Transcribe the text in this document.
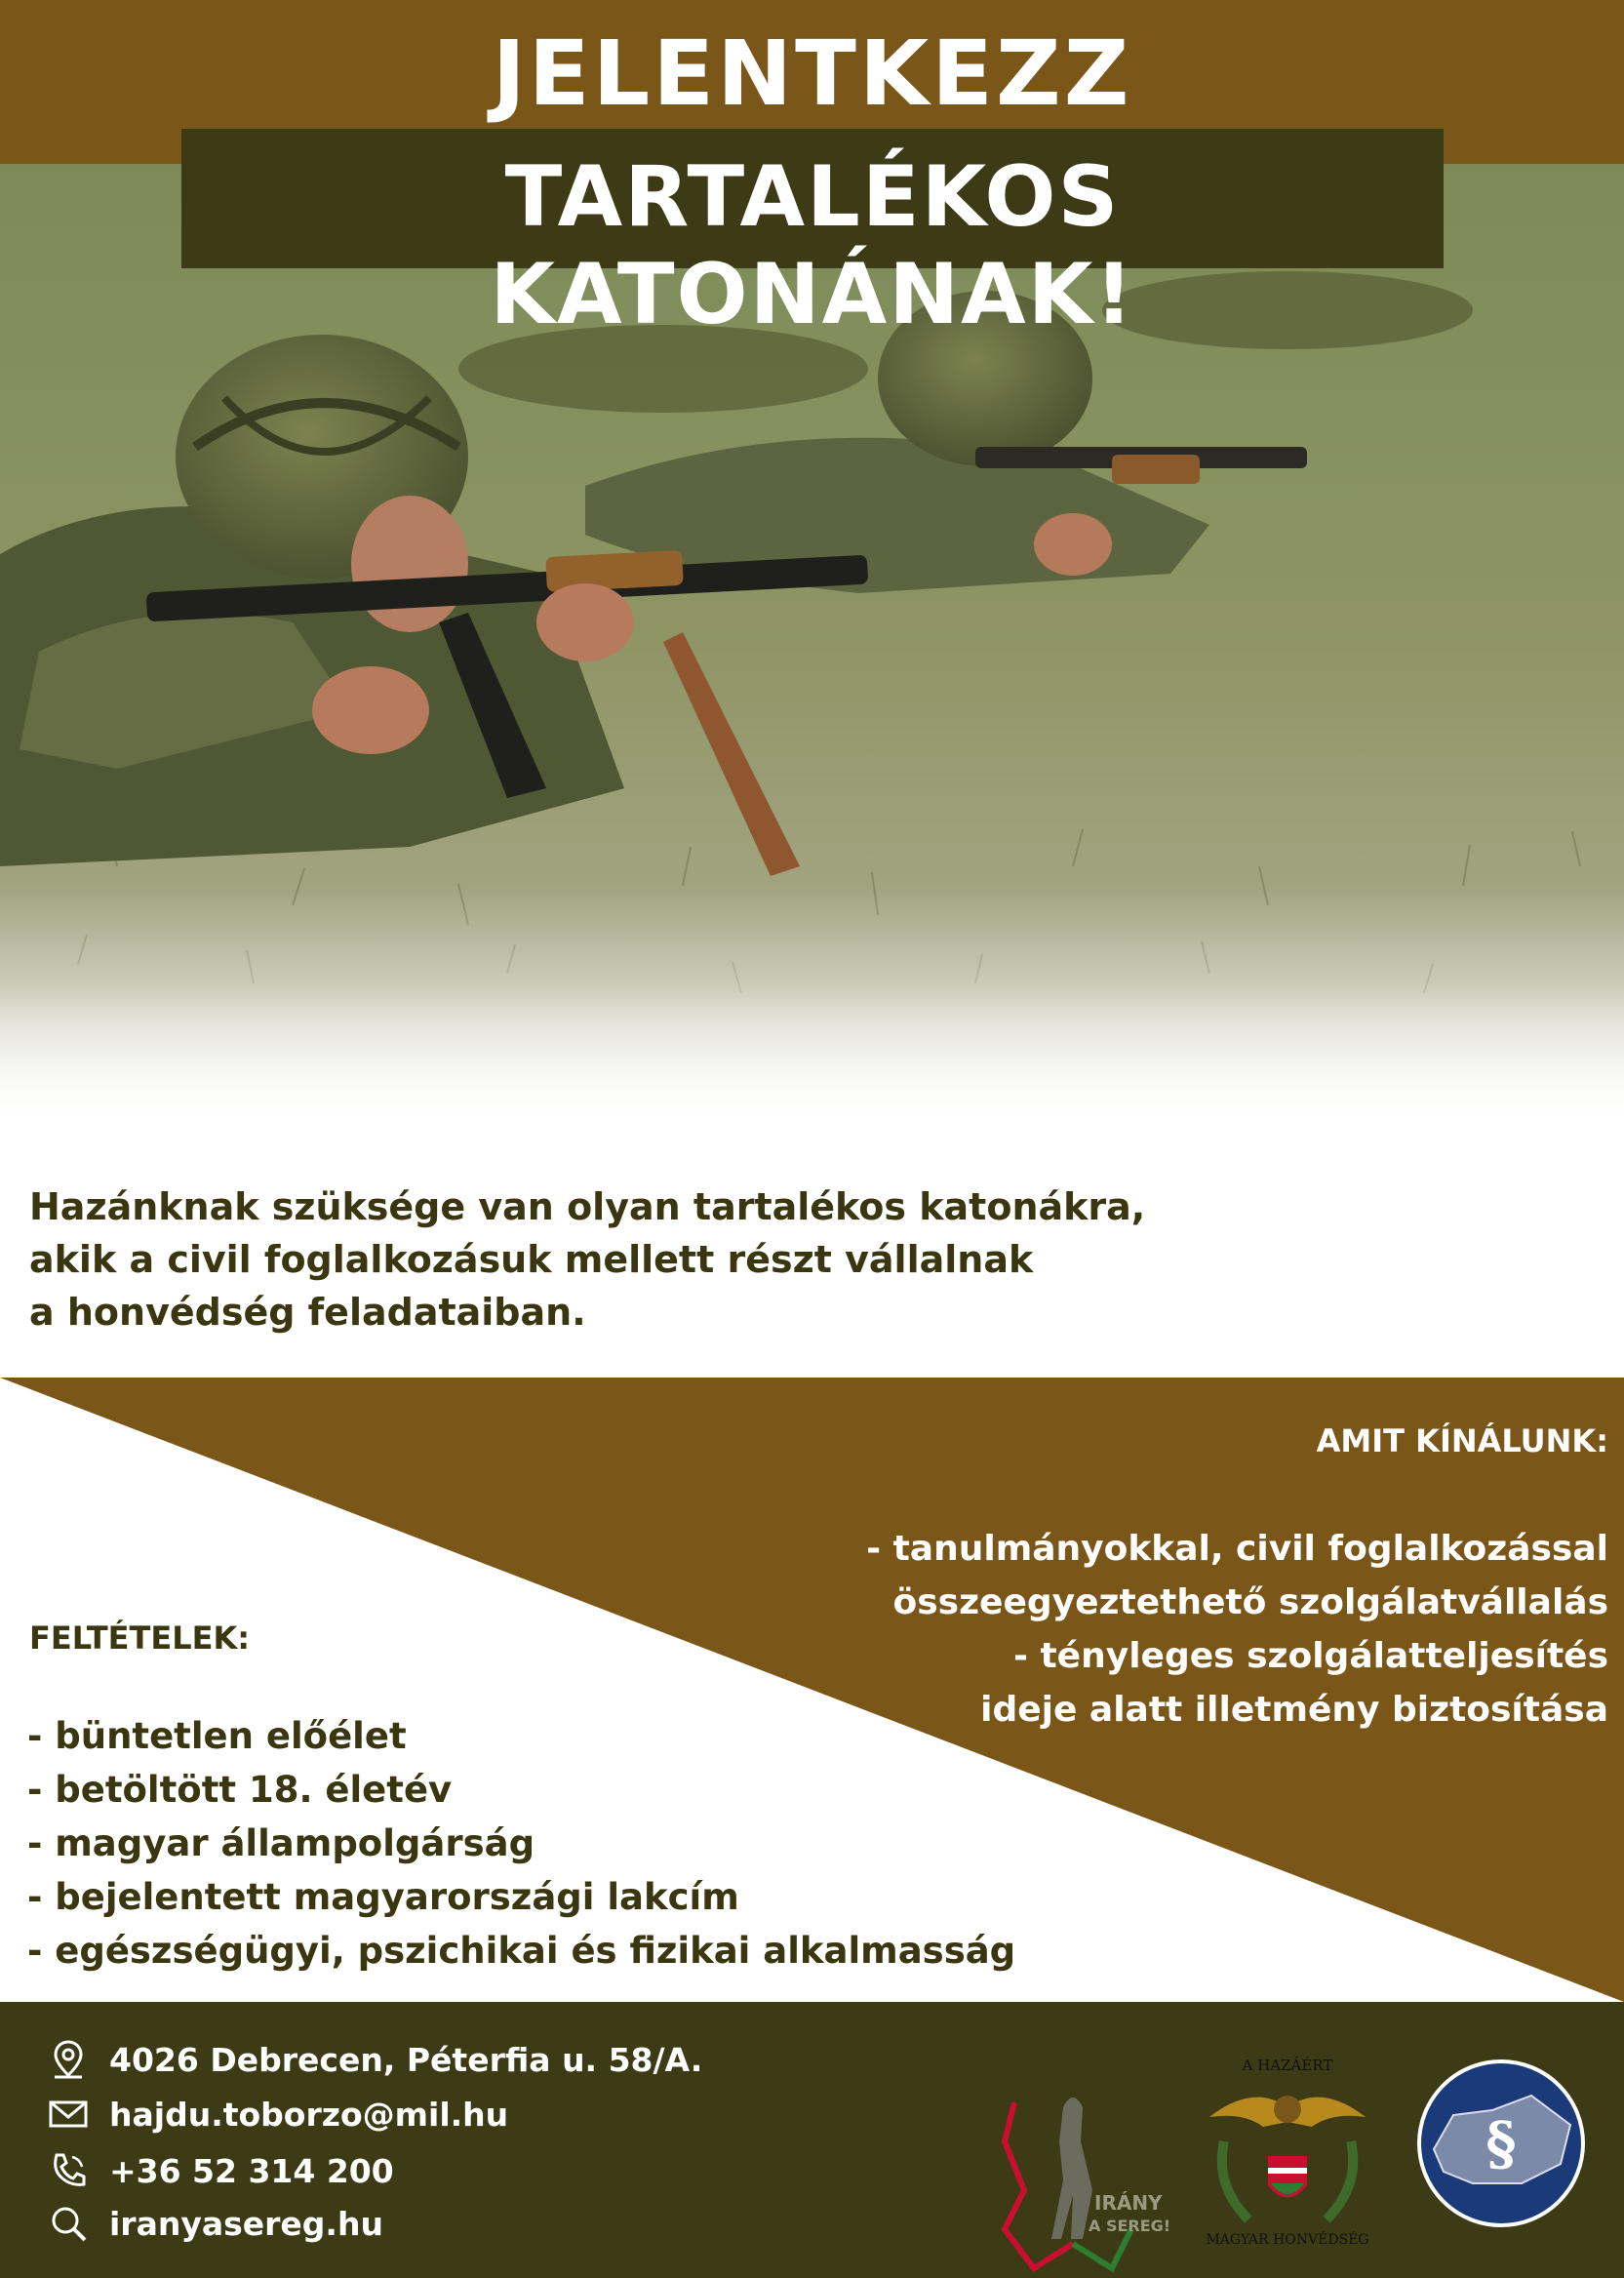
JELENTKEZZ
TARTALÉKOS KATONÁNAK!
Hazánknak szüksége van olyan tartalékos katonákra,
akik a civil foglalkozásuk mellett részt vállalnak
a honvédség feladataiban.
AMIT KÍNÁLUNK:
- tanulmányokkal, civil foglalkozással
összeegyeztethető szolgálatvállalás
- tényleges szolgálatteljesítés
ideje alatt illetmény biztosítása
FELTÉTELEK:
- büntetlen előélet
- betöltött 18. életév
- magyar állampolgárság
- bejelentett magyarországi lakcím
- egészségügyi, pszichikai és fizikai alkalmasság
4026 Debrecen, Péterfia u. 58/A.
hajdu.toborzo@mil.hu
+36 52 314 200
iranyasereg.hu
IRÁNY
A SEREG!
A HAZÁÉRT
MAGYAR HONVÉDSÉG
§
